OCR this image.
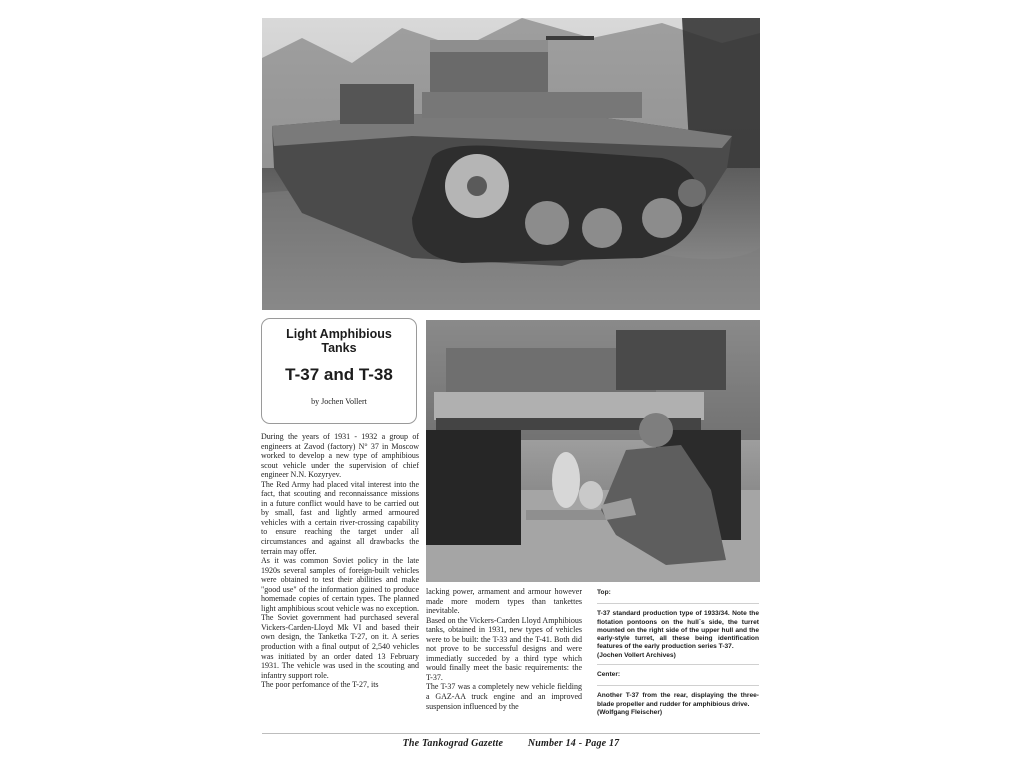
Light Amphibious Tanks
T-37 and T-38
by Jochen Vollert

During the years of 1931 - 1932 a group of engineers at Zavod (factory) N° 37 in Moscow worked to develop a new type of amphibious scout vehicle under the supervision of chief engineer N.N. Kozyryev.

The Red Army had placed vital interest into the fact, that scouting and reconnaissance missions in a future conflict would have to be carried out by small, fast and lightly armed armoured vehicles with a certain river-crossing capability to ensure reaching the target under all circumstances and against all drawbacks the terrain may offer.

As it was common Soviet policy in the late 1920s several samples of foreign-built vehicles were obtained to test their abilities and make "good use" of the information gained to produce homemade copies of certain types. The planned light amphibious scout vehicle was no exception. The Soviet government had purchased several Vickers-Carden-Lloyd Mk VI and based their own design, the Tanketka T-27, on it. A series production with a final output of 2,540 vehicles was initiated by an order dated 13 February 1931. The vehicle was used in the scouting and infantry support role.

The poor perfomance of the T-27, its

lacking power, armament and armour however made more modern types than tankettes inevitable.

Based on the Vickers-Carden Lloyd Amphibious tanks, obtained in 1931, new types of vehicles were to be built: the T-33 and the T-41. Both did not prove to be successful designs and were immediatly succeded by a third type which would finally meet the basic requirements: the T-37.

The T-37 was a completely new vehicle fielding a GAZ-AA truck engine and an improved suspension influenced by the

Top:

T-37 standard production type of 1933/34. Note the flotation pontoons on the hull´s side, the turret mounted on the right side of the upper hull and the early-style turret, all these being identification features of the early production series T-37.

(Jochen Vollert Archives)

Center:

Another T-37 from the rear, displaying the three-blade propeller and rudder for amphibious drive.

(Wolfgang Fleischer)

The Tankograd Gazette Number 14 - Page 17
